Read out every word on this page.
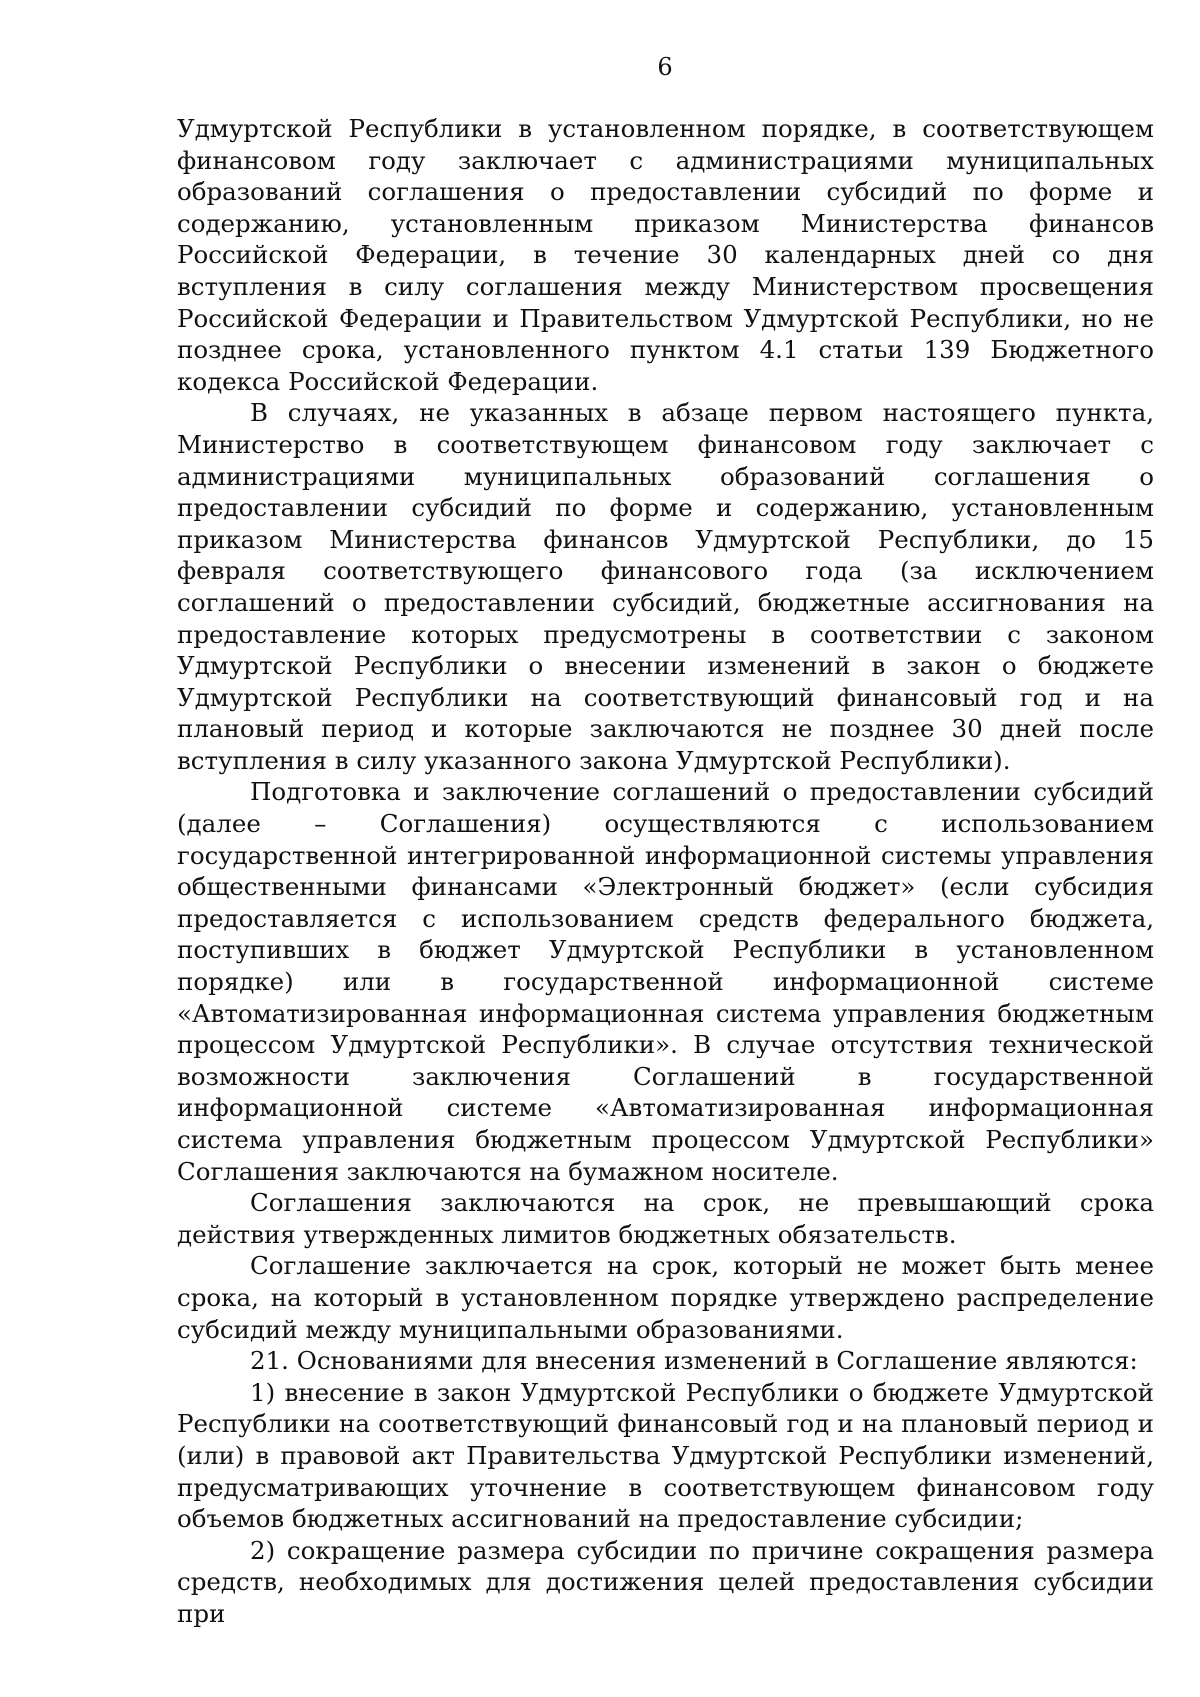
6

Удмуртской Республики в установленном порядке, в соответствующем финансовом году заключает с администрациями муниципальных образований соглашения о предоставлении субсидий по форме и содержанию, установленным приказом Министерства финансов Российской Федерации, в течение 30 календарных дней со дня вступления в силу соглашения между Министерством просвещения Российской Федерации и Правительством Удмуртской Республики, но не позднее срока, установленного пунктом 4.1 статьи 139 Бюджетного кодекса Российской Федерации.

В случаях, не указанных в абзаце первом настоящего пункта, Министерство в соответствующем финансовом году заключает с администрациями муниципальных образований соглашения о предоставлении субсидий по форме и содержанию, установленным приказом Министерства финансов Удмуртской Республики, до 15 февраля соответствующего финансового года (за исключением соглашений о предоставлении субсидий, бюджетные ассигнования на предоставление которых предусмотрены в соответствии с законом Удмуртской Республики о внесении изменений в закон о бюджете Удмуртской Республики на соответствующий финансовый год и на плановый период и которые заключаются не позднее 30 дней после вступления в силу указанного закона Удмуртской Республики).

Подготовка и заключение соглашений о предоставлении субсидий (далее – Соглашения) осуществляются с использованием государственной интегрированной информационной системы управления общественными финансами «Электронный бюджет» (если субсидия предоставляется с использованием средств федерального бюджета, поступивших в бюджет Удмуртской Республики в установленном порядке) или в государственной информационной системе «Автоматизированная информационная система управления бюджетным процессом Удмуртской Республики». В случае отсутствия технической возможности заключения Соглашений в государственной информационной системе «Автоматизированная информационная система управления бюджетным процессом Удмуртской Республики» Соглашения заключаются на бумажном носителе.

Соглашения заключаются на срок, не превышающий срока действия утвержденных лимитов бюджетных обязательств.

Соглашение заключается на срок, который не может быть менее срока, на который в установленном порядке утверждено распределение субсидий между муниципальными образованиями.

21. Основаниями для внесения изменений в Соглашение являются:

1) внесение в закон Удмуртской Республики о бюджете Удмуртской Республики на соответствующий финансовый год и на плановый период и (или) в правовой акт Правительства Удмуртской Республики изменений, предусматривающих уточнение в соответствующем финансовом году объемов бюджетных ассигнований на предоставление субсидии;

2) сокращение размера субсидии по причине сокращения размера средств, необходимых для достижения целей предоставления субсидии при
